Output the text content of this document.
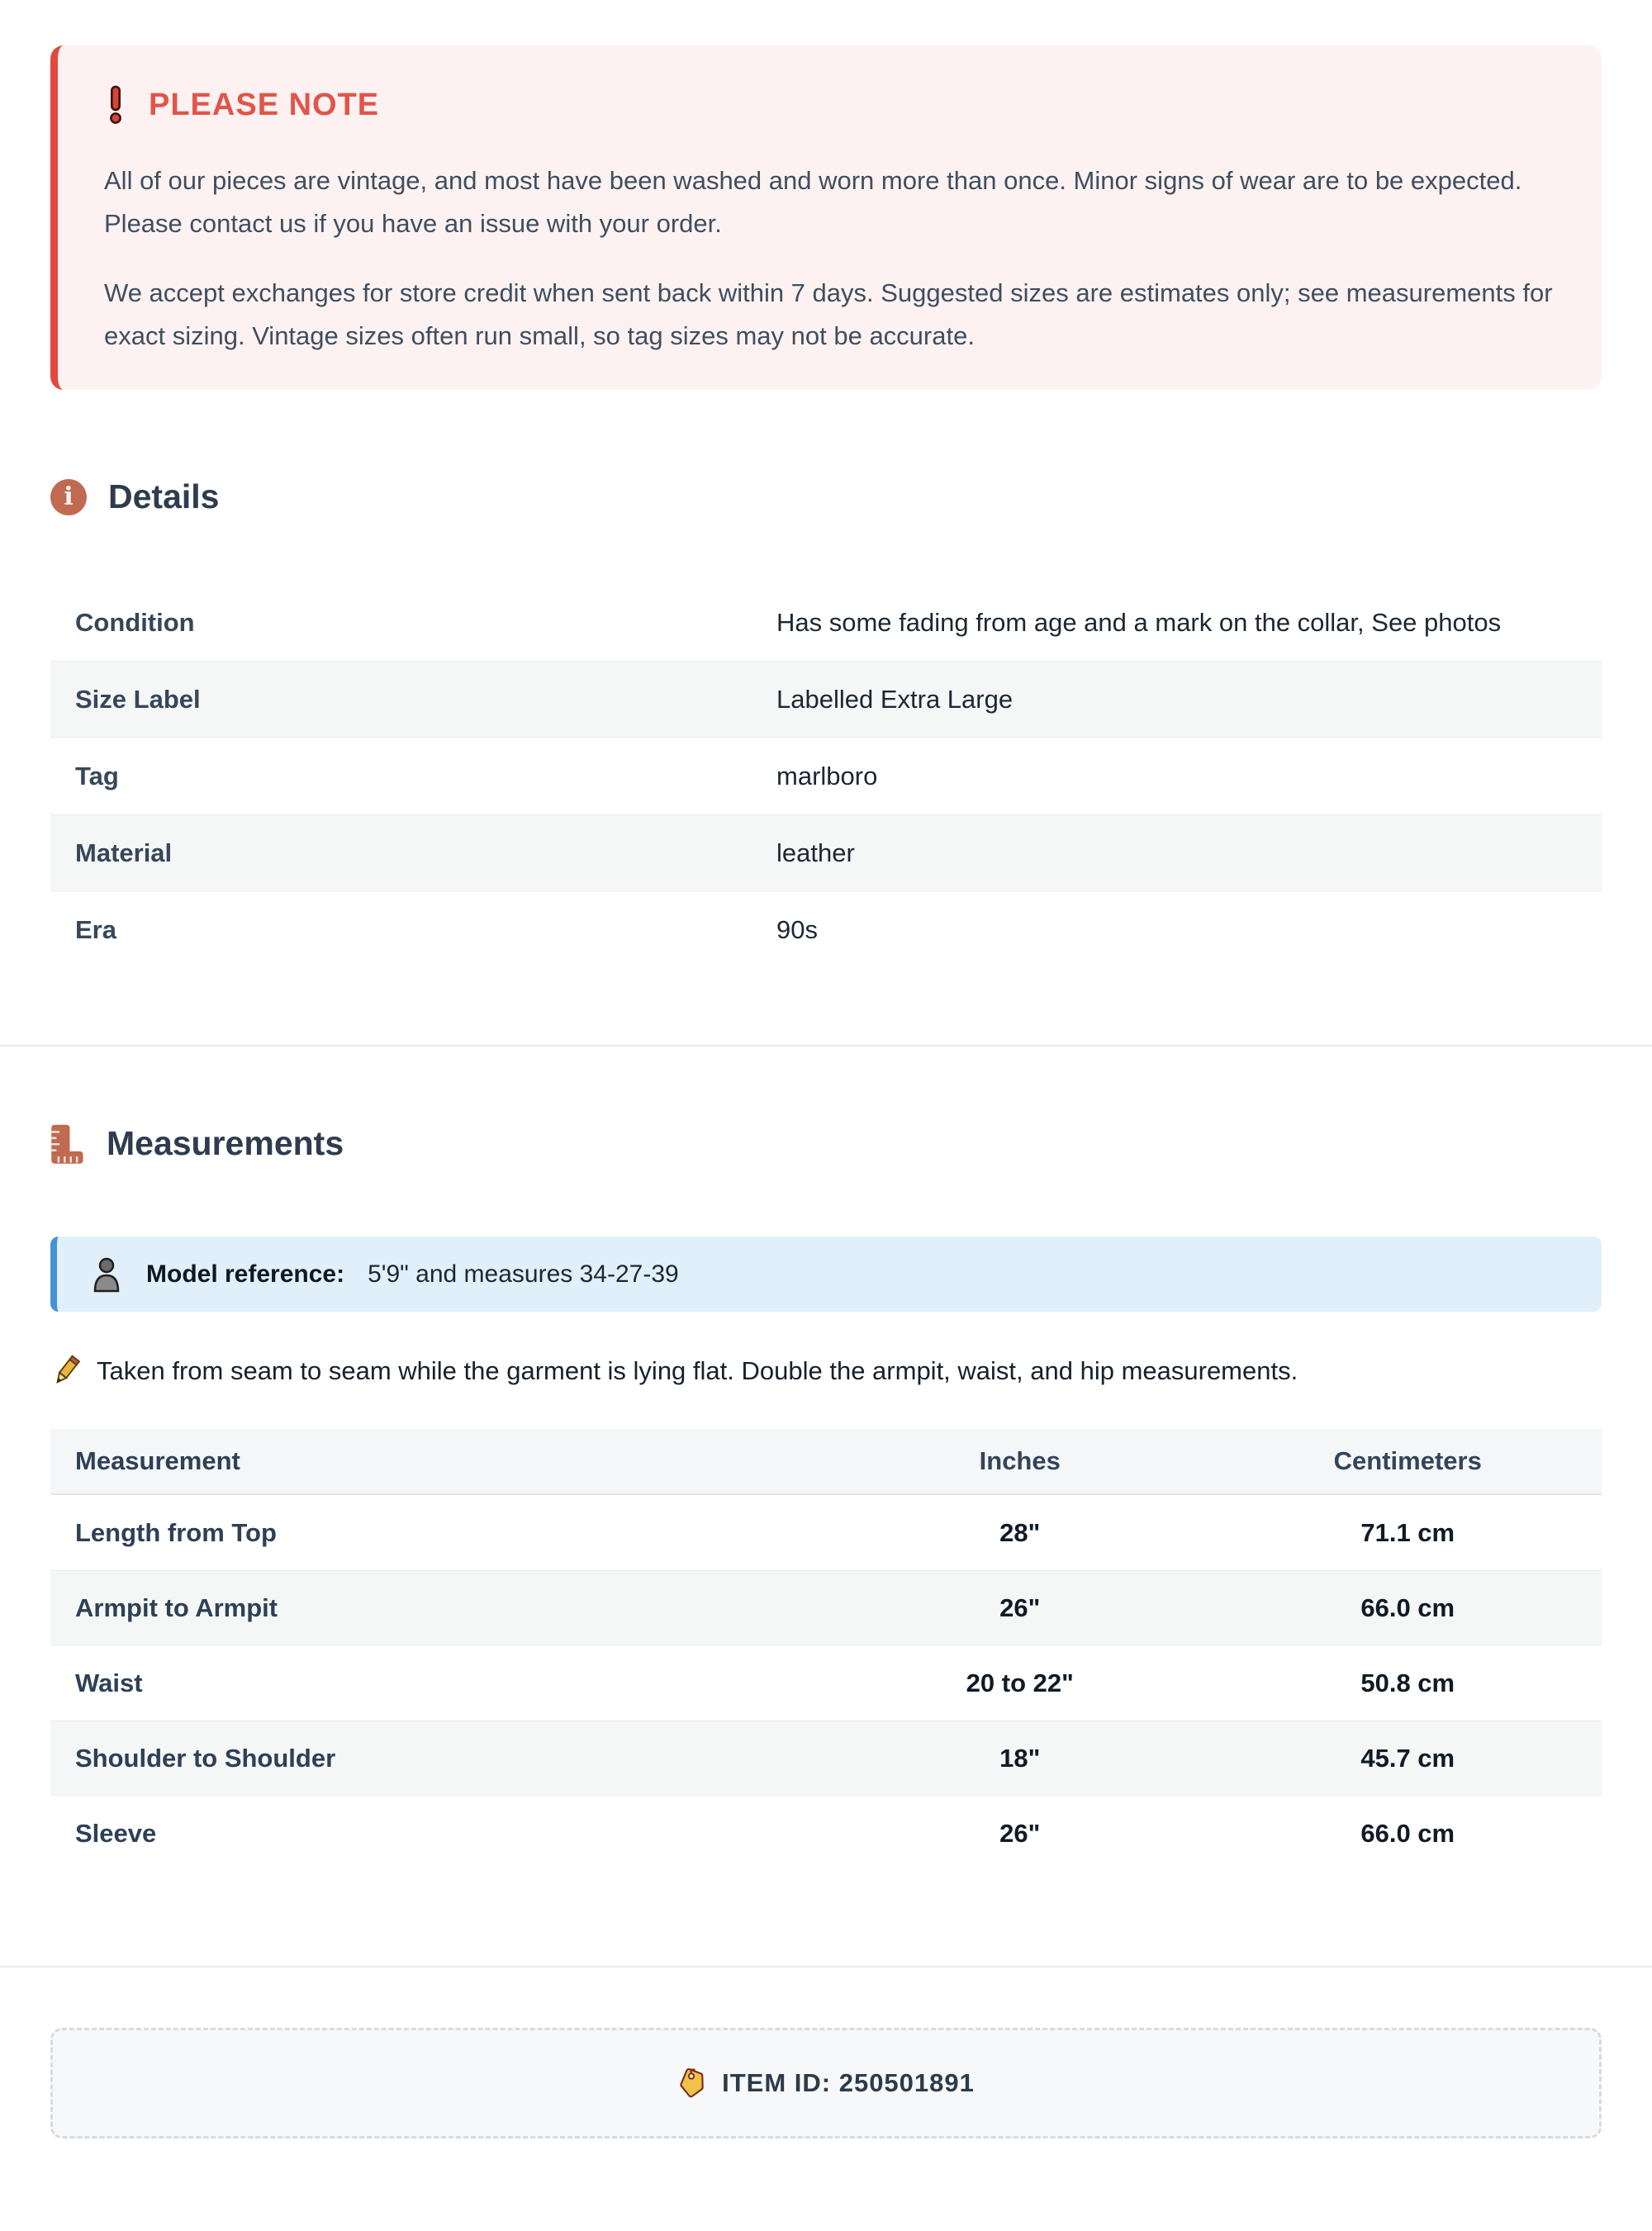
PLEASE NOTE

All of our pieces are vintage, and most have been washed and worn more than once. Minor signs of wear are to be expected. Please contact us if you have an issue with your order.

We accept exchanges for store credit when sent back within 7 days. Suggested sizes are estimates only; see measurements for exact sizing. Vintage sizes often run small, so tag sizes may not be accurate.

i	Details
Condition	Has some fading from age and a mark on the collar, See photos
Size Label	Labelled Extra Large
Tag	marlboro
Material	leather
Era	90s
Measurements
Model reference: 5'9" and measures 34-27-39
Taken from seam to seam while the garment is lying flat. Double the armpit, waist, and hip measurements.
Measurement	Inches	Centimeters
Length from Top	28"	71.1 cm
Armpit to Armpit	26"	66.0 cm
Waist	20 to 22"	50.8 cm
Shoulder to Shoulder	18"	45.7 cm
Sleeve	26"	66.0 cm
ITEM ID: 250501891
